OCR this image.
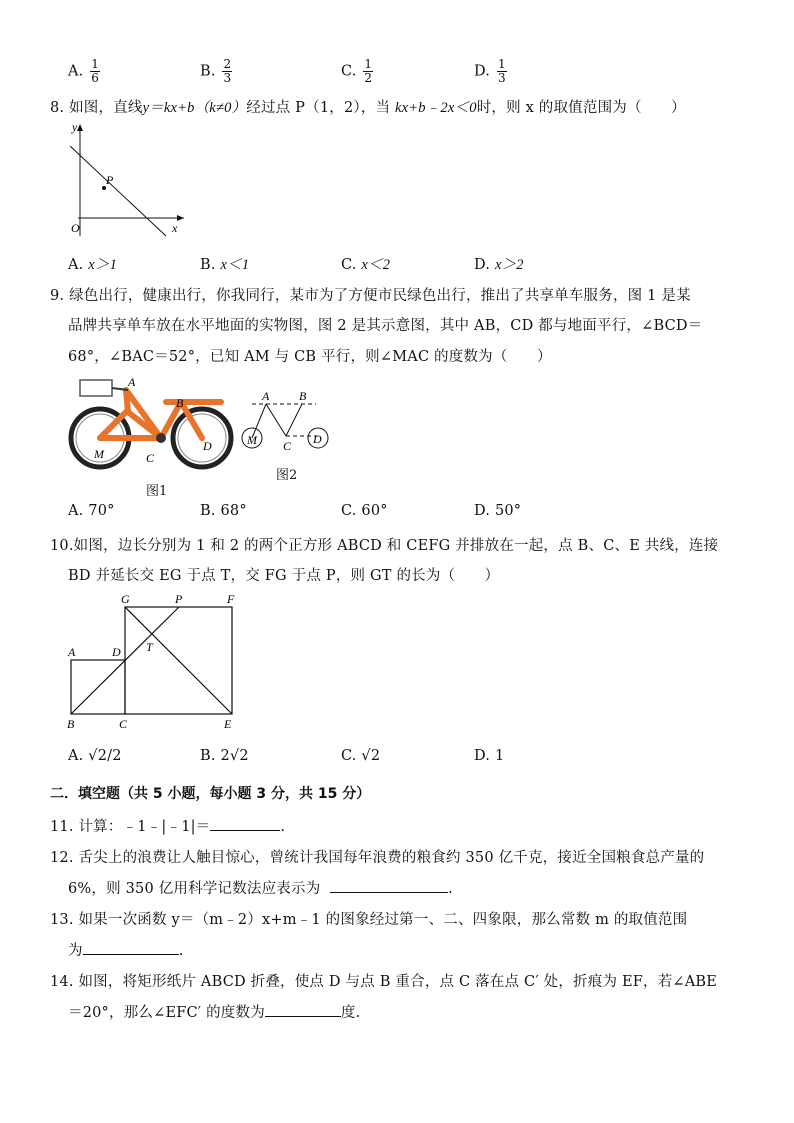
A. $\frac{1}{6}$	B. $\frac{2}{3}$	C. $\frac{1}{2}$	D. $\frac{1}{3}$
8. 如图，直线y＝kx+b（k≠0）经过点 P（1，2），当 kx+b﹣2x＜0时，则 x 的取值范围为（　　）
P
y
x
O
A. x＞1	B. x＜1	C. x＜2	D. x＞2
9. 绿色出行，健康出行，你我同行，某市为了方便市民绿色出行，推出了共享单车服务，图 1 是某
品牌共享单车放在水平地面的实物图，图 2 是其示意图，其中 AB，CD 都与地面平行，∠BCD＝
68°，∠BAC＝52°，已知 AM 与 CB 平行，则∠MAC 的度数为（　　）
A
B
C
D
M
图1
A B
M C D
图2
A. 70°	B. 68°	C. 60°	D. 50°
10.如图，边长分别为 1 和 2 的两个正方形 ABCD 和 CEFG 并排放在一起，点 B、C、E 共线，连接
BD 并延长交 EG 于点 T，交 FG 于点 P，则 GT 的长为（　　）
G	P	F
A	D T
B	C	E
A. √2/2	B. 2√2	C. √2	D. 1
二．填空题（共 5 小题，每小题 3 分，共 15 分）
11. 计算：﹣1﹣|﹣1|＝	.
12. 舌尖上的浪费让人触目惊心，曾统计我国每年浪费的粮食约 350 亿千克，接近全国粮食总产量的
6%，则 350 亿用科学记数法应表示为	.
13. 如果一次函数 y＝（m﹣2）x+m﹣1 的图象经过第一、二、四象限，那么常数 m 的取值范围
为	.
14. 如图，将矩形纸片 ABCD 折叠，使点 D 与点 B 重合，点 C 落在点 C′ 处，折痕为 EF，若∠ABE
＝20°，那么∠EFC′ 的度数为	度.
